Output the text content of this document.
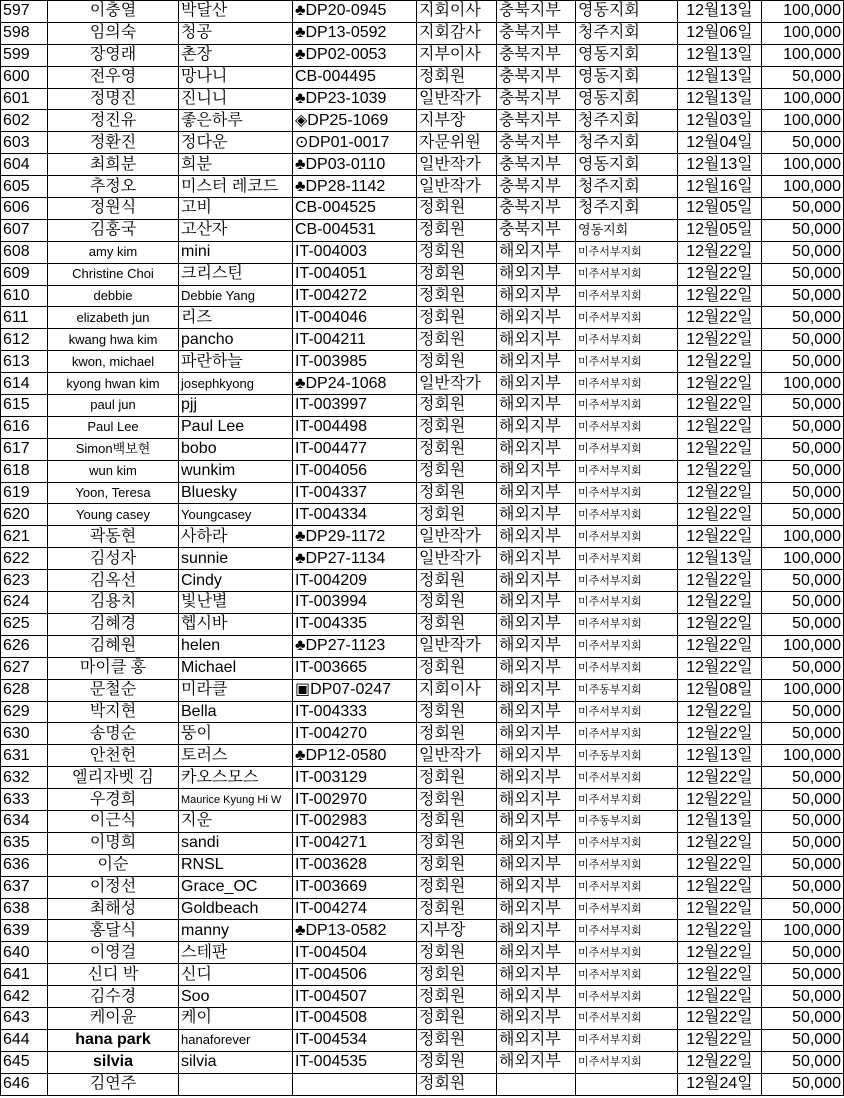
597	이충열	박달산	♣DP20-0945	지회이사	충북지부	영동지회	12월13일	100,000
598	임의숙	청공	♣DP13-0592	지회감사	충북지부	청주지회	12월06일	100,000
599	장영래	촌장	♣DP02-0053	지부이사	충북지부	영동지회	12월13일	100,000
600	전우영	망나니	CB-004495	정회원	충북지부	영동지회	12월13일	50,000
601	정명진	진니니	♣DP23-1039	일반작가	충북지부	영동지회	12월13일	100,000
602	정진유	좋은하루	◈DP25-1069	지부장	충북지부	청주지회	12월03일	100,000
603	정환진	정다운	⊙DP01-0017	자문위원	충북지부	청주지회	12월04일	50,000
604	최희분	희분	♣DP03-0110	일반작가	충북지부	영동지회	12월13일	100,000
605	추정오	미스터 레코드	♣DP28-1142	일반작가	충북지부	청주지회	12월16일	100,000
606	정원식	고비	CB-004525	정회원	충북지부	청주지회	12월05일	50,000
607	김홍국	고산자	CB-004531	정회원	충북지부	영동지회	12월05일	50,000
608	amy kim	mini	IT-004003	정회원	해외지부	미주서부지회	12월22일	50,000
609	Christine Choi	크리스틴	IT-004051	정회원	해외지부	미주서부지회	12월22일	50,000
610	debbie	Debbie Yang	IT-004272	정회원	해외지부	미주서부지회	12월22일	50,000
611	elizabeth jun	리즈	IT-004046	정회원	해외지부	미주서부지회	12월22일	50,000
612	kwang hwa kim	pancho	IT-004211	정회원	해외지부	미주서부지회	12월22일	50,000
613	kwon, michael	파란하늘	IT-003985	정회원	해외지부	미주서부지회	12월22일	50,000
614	kyong hwan kim	josephkyong	♣DP24-1068	일반작가	해외지부	미주서부지회	12월22일	100,000
615	paul jun	pjj	IT-003997	정회원	해외지부	미주서부지회	12월22일	50,000
616	Paul Lee	Paul Lee	IT-004498	정회원	해외지부	미주서부지회	12월22일	50,000
617	Simon백보현	bobo	IT-004477	정회원	해외지부	미주서부지회	12월22일	50,000
618	wun kim	wunkim	IT-004056	정회원	해외지부	미주서부지회	12월22일	50,000
619	Yoon, Teresa	Bluesky	IT-004337	정회원	해외지부	미주서부지회	12월22일	50,000
620	Young casey	Youngcasey	IT-004334	정회원	해외지부	미주서부지회	12월22일	50,000
621	곽동현	사하라	♣DP29-1172	일반작가	해외지부	미주서부지회	12월22일	100,000
622	김성자	sunnie	♣DP27-1134	일반작가	해외지부	미주서부지회	12월13일	100,000
623	김옥선	Cindy	IT-004209	정회원	해외지부	미주서부지회	12월22일	50,000
624	김용치	빛난별	IT-003994	정회원	해외지부	미주서부지회	12월22일	50,000
625	김혜경	헵시바	IT-004335	정회원	해외지부	미주서부지회	12월22일	50,000
626	김혜원	helen	♣DP27-1123	일반작가	해외지부	미주서부지회	12월22일	100,000
627	마이클 홍	Michael	IT-003665	정회원	해외지부	미주서부지회	12월22일	50,000
628	문철순	미라클	▣DP07-0247	지회이사	해외지부	미주동부지회	12월08일	100,000
629	박지현	Bella	IT-004333	정회원	해외지부	미주서부지회	12월22일	50,000
630	송명순	뚱이	IT-004270	정회원	해외지부	미주서부지회	12월22일	50,000
631	안천헌	토러스	♣DP12-0580	일반작가	해외지부	미주동부지회	12월13일	100,000
632	엘리자벳 김	카오스모스	IT-003129	정회원	해외지부	미주서부지회	12월22일	50,000
633	우경희	Maurice Kyung Hi W	IT-002970	정회원	해외지부	미주서부지회	12월22일	50,000
634	이근식	지운	IT-002983	정회원	해외지부	미주동부지회	12월13일	50,000
635	이명희	sandi	IT-004271	정회원	해외지부	미주서부지회	12월22일	50,000
636	이순	RNSL	IT-003628	정회원	해외지부	미주서부지회	12월22일	50,000
637	이정선	Grace_OC	IT-003669	정회원	해외지부	미주서부지회	12월22일	50,000
638	최해성	Goldbeach	IT-004274	정회원	해외지부	미주서부지회	12월22일	50,000
639	홍달식	manny	♣DP13-0582	지부장	해외지부	미주서부지회	12월22일	100,000
640	이영걸	스테판	IT-004504	정회원	해외지부	미주서부지회	12월22일	50,000
641	신디 박	신디	IT-004506	정회원	해외지부	미주서부지회	12월22일	50,000
642	김수경	Soo	IT-004507	정회원	해외지부	미주서부지회	12월22일	50,000
643	케이윤	케이	IT-004508	정회원	해외지부	미주서부지회	12월22일	50,000
644	hana park	hanaforever	IT-004534	정회원	해외지부	미주서부지회	12월22일	50,000
645	silvia	silvia	IT-004535	정회원	해외지부	미주서부지회	12월22일	50,000
646	김연주			정회원			12월24일	50,000
